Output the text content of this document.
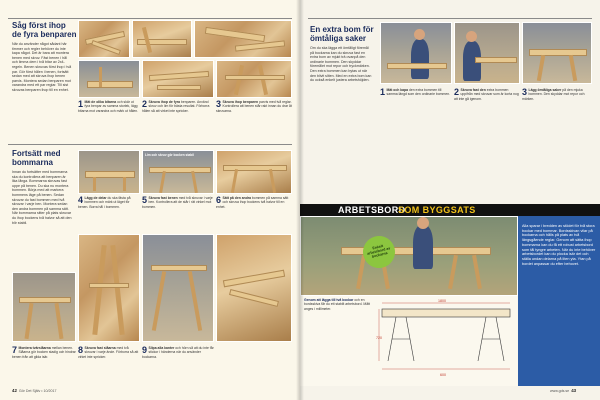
Såg först ihop
de fyra benparen
När du använder något sådant här timmer och regler behöver du inte kapa något. Det är bara att montera benen med skruv. Fäst benen i hål och limma dem i två bitar av 2x4-regeln. Benen skruvas först ihop i två par. Gör först hålen i benen, fortsätt sedan med att skruva ihop benen parvis. Montera sedan benparen mot varandra med ett par reglar. Till sist skruvas benparen ihop till en enhet.
1 Mät de olika bitarna och skär ut fyra benpar av samma storlek, lägg bitarna mot varandra och märk ut hålen.
2 Skruva ihop de fyra benparen. Använd skruv och lim för bästa resultat. Förborra hålen så att virket inte spricker.
3 Skruva ihop benparen parvis med två reglar. Kontrollera att benen står rakt innan du drar åt skruvarna.
Fortsätt med
bommarna
Innan du fortsätter med bommarna ska du kontrollera att benparen är lika långa. Bommarna skruvas fast uppe på benen. Du ska nu montera bommen. Börja med att markera bommens läge på benen. Sedan skruvar du fast bommen med två skruvar i varje ben. Montera sedan den andra bommen på samma sätt. När bommarna sitter på plats skruvar du ihop bockens två halvor så att den blir stabil.
Lim och skruv gör bocken stabil
4 Lägg de delar du ska fästa på bommen och märk ut läget för benen. Borra hål i bommen.
5 Skruva fast benen med två skruvar i varje ben. Kontrollera att de står i rät vinkel mot bommen.
6 Sätt på den andra bommen på samma sätt och skruva ihop bockens två halvor till en enhet.
7 Montera tvärslåarna mellan benen. Slåarna gör bocken stadig och hindrar benen från att glida isär.
8 Skruva fast slåarna med två skruvar i varje ände. Förborra så att virket inte spricker.
9 Slipa alla kanter och hörn så att du inte får stickor i händerna när du använder bockarna.
42 Gör Det Själv • 10/2017
En extra bom för
ömtåliga saker
Om du ska lägga ett ömtåligt föremål på bockarna kan du skruva fast en extra bom av mjukt trä ovanpå den ordinarie bommen. Den skyddar föremålet mot repor och tryckmärken. Den extra bommen kan bytas ut när den blivit sliten. Med en extra bom kan du också enkelt justera arbetshöjden.
1 Mät och kapa den extra bommen till samma längd som den ordinarie bommen. 2 Skruva fast den extra bommen uppifrån med skruvar som är korta nog att inte gå igenom.
3 Lägg ömtåliga saker på den mjuka bommen. Den skyddar mot repor och märken.
www.gds.se 43
ARBETSBORD
SOM BYGGSATS
Enkelt arbetsbord av bockarna
Alla sparar i bredden av stödet för två stora bockar med bommar. Bordsskivan vilar på bockarna och hålls på plats av två längsgående reglar. Genom att sätta ihop bommarna kan du få ett robust arbetsbord som tål tyngre arbeten. När du inte behöver arbetsbordet kan du plocka isär det och ställa undan delarna på liten yta. Ytan på bordet anpassar du efter behovet.
Genom att lägga till två bockar och en bordsskiva får du ett stabilt arbetsbord. Mått anges i millimeter.
1800
720
600
